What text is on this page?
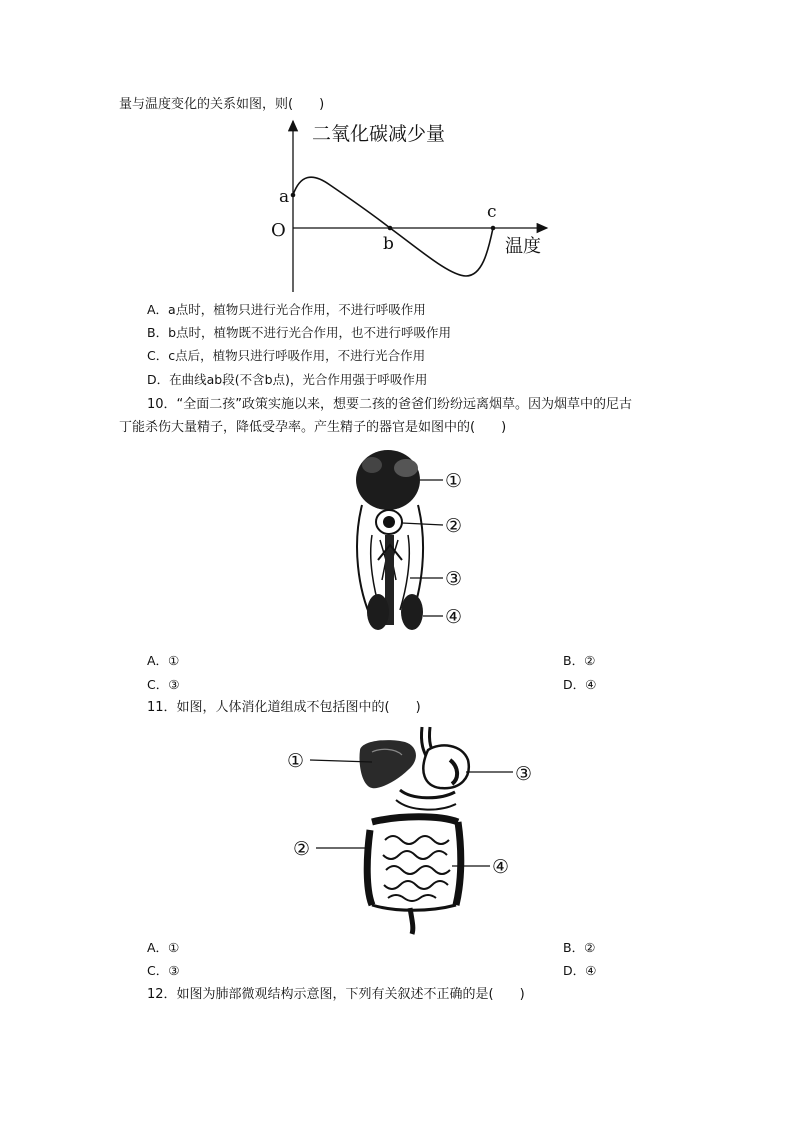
量与温度变化的关系如图，则(　　)
二氧化碳减少量
温度
O
a
b
c
A．a点时，植物只进行光合作用，不进行呼吸作用
B．b点时，植物既不进行光合作用，也不进行呼吸作用
C．c点后，植物只进行呼吸作用，不进行光合作用
D．在曲线ab段(不含b点)，光合作用强于呼吸作用
10．“全面二孩”政策实施以来，想要二孩的爸爸们纷纷远离烟草。因为烟草中的尼古
丁能杀伤大量精子，降低受孕率。产生精子的器官是如图中的(　　)
①
②
③
④
A．①	B．②
C．③	D．④
11．如图，人体消化道组成不包括图中的(　　)
①
③
②
④
A．①	B．②
C．③	D．④
12．如图为肺部微观结构示意图，下列有关叙述不正确的是(　　)
